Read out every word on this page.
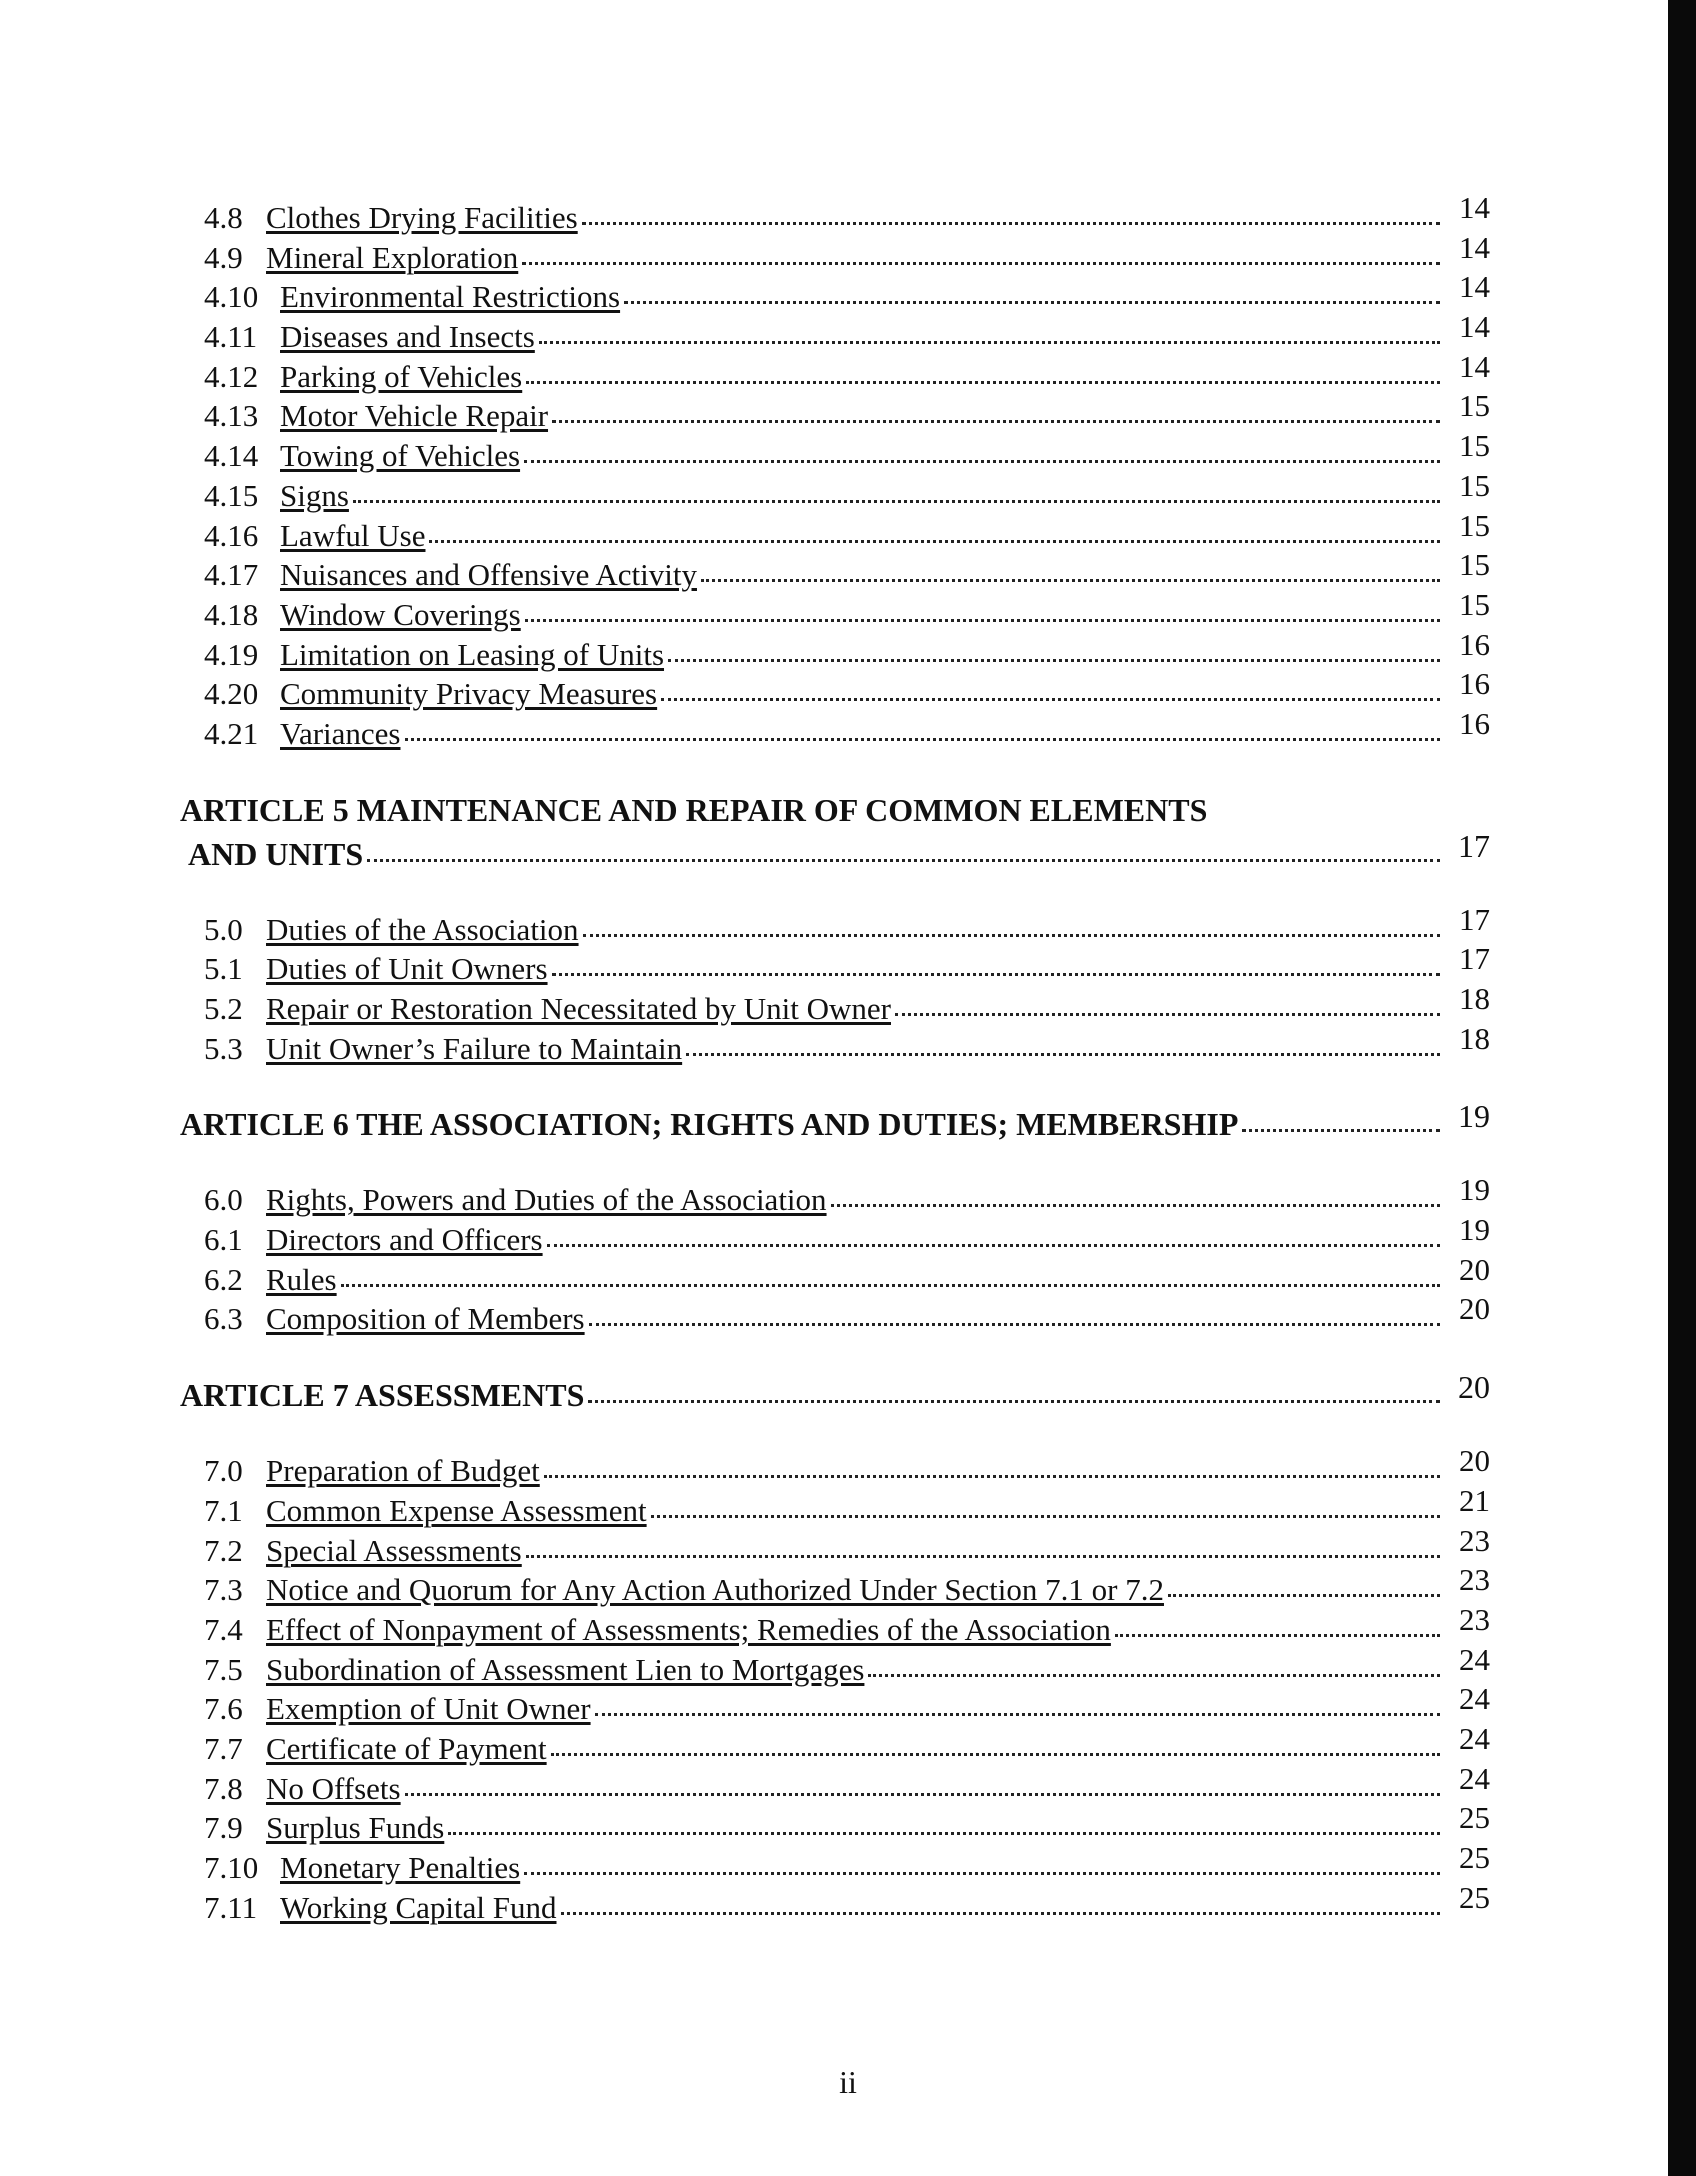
4.8 Clothes Drying Facilities	14
4.9 Mineral Exploration	14
4.10 Environmental Restrictions	14
4.11 Diseases and Insects	14
4.12 Parking of Vehicles	14
4.13 Motor Vehicle Repair	15
4.14 Towing of Vehicles	15
4.15 Signs	15
4.16 Lawful Use	15
4.17 Nuisances and Offensive Activity	15
4.18 Window Coverings	15
4.19 Limitation on Leasing of Units	16
4.20 Community Privacy Measures	16
4.21 Variances	16
ARTICLE 5 MAINTENANCE AND REPAIR OF COMMON ELEMENTS
AND UNITS	17
5.0 Duties of the Association	17
5.1 Duties of Unit Owners	17
5.2 Repair or Restoration Necessitated by Unit Owner	18
5.3 Unit Owner’s Failure to Maintain	18
ARTICLE 6 THE ASSOCIATION; RIGHTS AND DUTIES; MEMBERSHIP	19
6.0 Rights, Powers and Duties of the Association	19
6.1 Directors and Officers	19
6.2 Rules	20
6.3 Composition of Members	20
ARTICLE 7 ASSESSMENTS	20
7.0 Preparation of Budget	20
7.1 Common Expense Assessment	21
7.2 Special Assessments	23
7.3 Notice and Quorum for Any Action Authorized Under Section 7.1 or 7.2	23
7.4 Effect of Nonpayment of Assessments; Remedies of the Association	23
7.5 Subordination of Assessment Lien to Mortgages	24
7.6 Exemption of Unit Owner	24
7.7 Certificate of Payment	24
7.8 No Offsets	24
7.9 Surplus Funds	25
7.10 Monetary Penalties	25
7.11 Working Capital Fund	25
ii
